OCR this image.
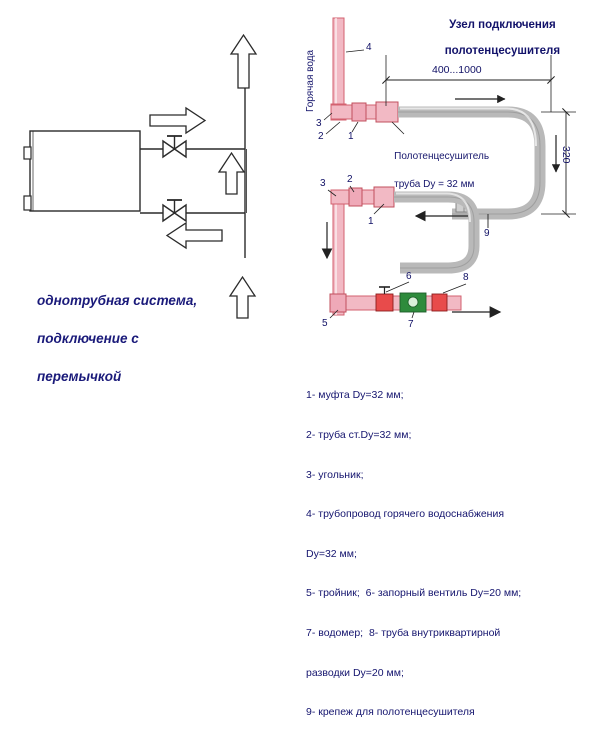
Узел подключения

полотенцесушителя

однотрубная система,

подключение с

перемычкой

Горячая вода

Полотенцесушитель

труба Dy = 32 мм

400...1000
320
3
2 1
4
3 2
1
9
6	8
5	7

1- муфта Dy=32 мм;

2- труба ст.Dy=32 мм;

3- угольник;

4- трубопровод горячего водоснабжения

Dy=32 мм;

5- тройник;  6- запорный вентиль Dy=20 мм;

7- водомер;  8- труба внутриквартирной

разводки Dy=20 мм;

9- крепеж для полотенцесушителя
